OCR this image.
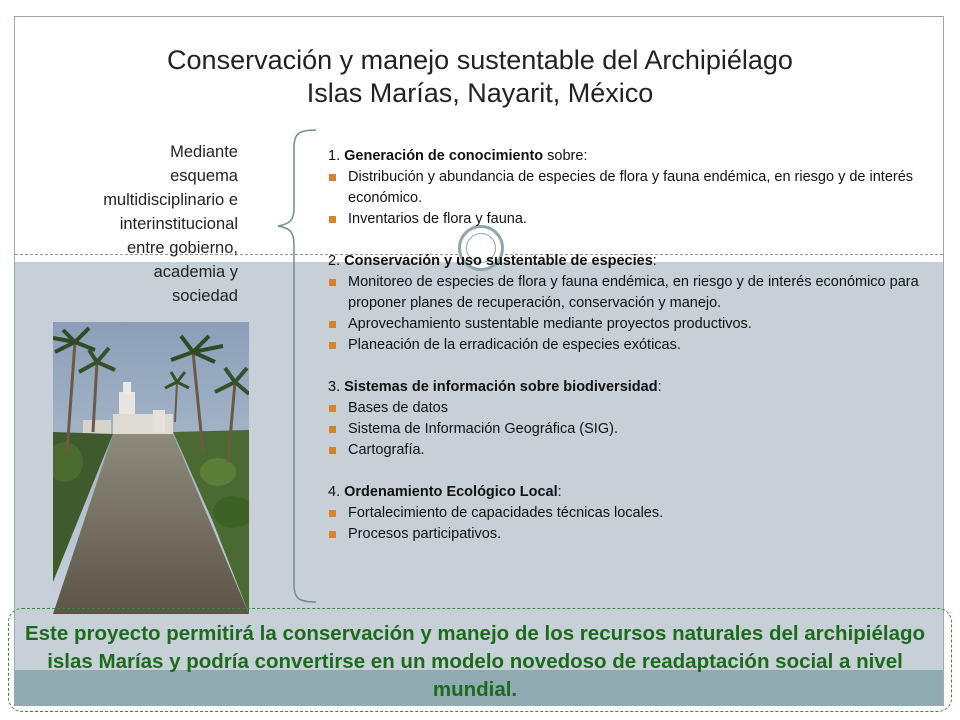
Conservación y manejo sustentable del Archipiélago
Islas Marías, Nayarit, México
Mediante
esquema
multidisciplinario e
interinstitucional
entre gobierno,
academia y
sociedad

1. Generación de conocimiento sobre:

Distribución y abundancia de especies de flora y fauna endémica, en riesgo y de interés económico.
Inventarios de flora y fauna.

2. Conservación y uso sustentable de especies:

Monitoreo de especies de flora y fauna endémica, en riesgo y de interés económico para proponer planes de recuperación, conservación y manejo.
Aprovechamiento sustentable mediante proyectos productivos.
Planeación de la erradicación de especies exóticas.

3. Sistemas de información sobre biodiversidad:

Bases de datos
Sistema de Información Geográfica (SIG).
Cartografía.

4. Ordenamiento Ecológico Local:

Fortalecimiento de capacidades técnicas locales.
Procesos participativos.
Este proyecto permitirá la conservación y manejo de los recursos naturales del archipiélago islas Marías y podría convertirse en un modelo novedoso de readaptación social a nivel mundial.
